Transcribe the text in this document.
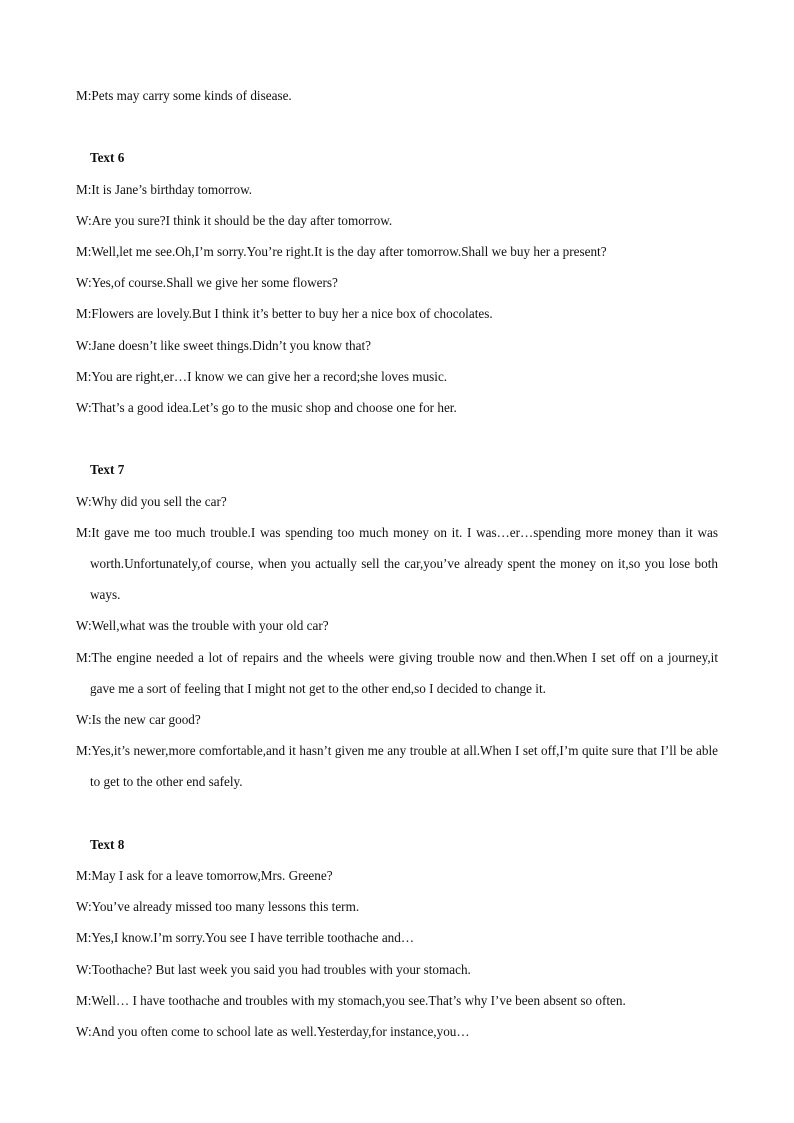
M:Pets may carry some kinds of disease.
Text 6
M:It is Jane’s birthday tomorrow.
W:Are you sure?I think it should be the day after tomorrow.
M:Well,let me see.Oh,I’m sorry.You’re right.It is the day after tomorrow.Shall we buy her a present?
W:Yes,of course.Shall we give her some flowers?
M:Flowers are lovely.But I think it’s better to buy her a nice box of chocolates.
W:Jane doesn’t like sweet things.Didn’t you know that?
M:You are right,er…I know we can give her a record;she loves music.
W:That’s a good idea.Let’s go to the music shop and choose one for her.
Text 7
W:Why did you sell the car?
M:It gave me too much trouble.I was spending too much money on it. I was…er…spending more money than it was worth.Unfortunately,of course, when you actually sell the car,you’ve already spent the money on it,so you lose both ways.
W:Well,what was the trouble with your old car?
M:The engine needed a lot of repairs and the wheels were giving trouble now and then.When I set off on a journey,it gave me a sort of feeling that I might not get to the other end,so I decided to change it.
W:Is the new car good?
M:Yes,it’s newer,more comfortable,and it hasn’t given me any trouble at all.When I set off,I’m quite sure that I’ll be able to get to the other end safely.
Text 8
M:May I ask for a leave tomorrow,Mrs. Greene?
W:You’ve already missed too many lessons this term.
M:Yes,I know.I’m sorry.You see I have terrible toothache and…
W:Toothache? But last week you said you had troubles with your stomach.
M:Well… I have toothache and troubles with my stomach,you see.That’s why I’ve been absent so often.
W:And you often come to school late as well.Yesterday,for instance,you…
